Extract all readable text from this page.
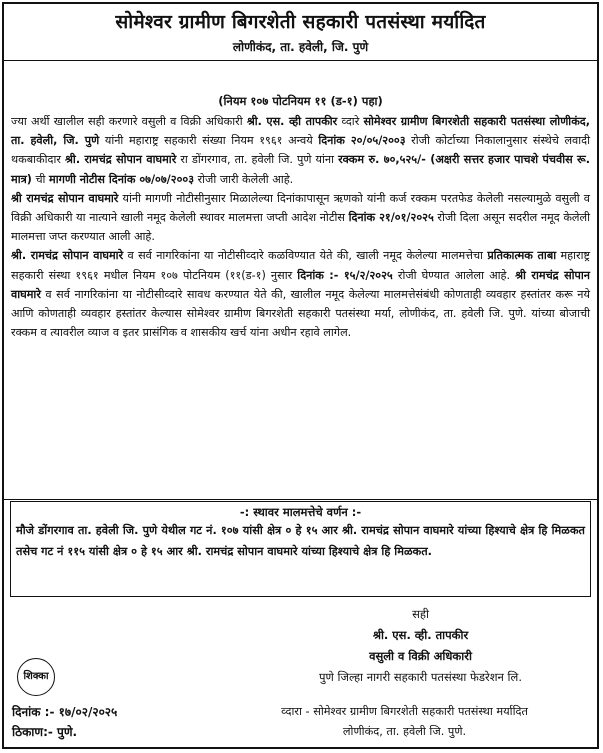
सोमेश्वर ग्रामीण बिगरशेती सहकारी पतसंस्था मर्यादित
लोणीकंद, ता. हवेली, जि. पुणे
(नियम १०७ पोटनियम ११ (ड-१) पहा)

ज्या अर्थी खालील सही करणारे वसुली व विक्री अधिकारी श्री. एस. व्ही तापकीर व्दारे सोमेश्वर ग्रामीण बिगरशेती सहकारी पतसंस्था लोणीकंद, ता. हवेली, जि. पुणे यांनी महाराष्ट्र सहकारी संख्या नियम १९६१ अन्वये दिनांक २०/०५/२००३ रोजी कोर्टाच्या निकालानुसार संस्थेचे लवादी थकबाकीदार श्री. रामचंद्र सोपान वाघमारे रा डोंगरगाव, ता. हवेली जि. पुणे यांना रक्कम रु. ७०,५२५/- (अक्षरी सत्तर हजार पाचशे पंचवीस रू. मात्र) ची मागणी नोटीस दिनांक ०७/०७/२००३ रोजी जारी केलेली आहे.

श्री रामचंद्र सोपान वाघमारे यांनी मागणी नोटीसीनुसार मिळालेल्या दिनांकापासून ऋणको यांनी कर्ज रक्कम परतफेड केलेली नसल्यामुळे वसुली व विक्री अधिकारी या नात्याने खाली नमूद केलेली स्थावर मालमत्ता जप्ती आदेश नोटीस दिनांक २१/०१/२०२५ रोजी दिला असून सदरील नमूद केलेली मालमत्ता जप्त करण्यात आली आहे.

श्री. रामचंद्र सोपान वाघमारे व सर्व नागरिकांना या नोटीसीव्दारे कळविण्यात येते की, खाली नमूद केलेल्या मालमत्तेचा प्रतिकात्मक ताबा महाराष्ट्र सहकारी संस्था १९६१ मधील नियम १०७ पोटनियम (११(ड-१) नुसार दिनांक :- १५/२/२०२५ रोजी घेण्यात आलेला आहे. श्री रामचंद्र सोपान वाघमारे व सर्व नागरिकांना या नोटीसीव्दारे सावध करण्यात येते की, खालील नमूद केलेल्या मालमत्तेसंबंधी कोणताही व्यवहार हस्तांतर करू नये आणि कोणताही व्यवहार हस्तांतर केल्यास सोमेश्वर ग्रामीण बिगरशेती सहकारी पतसंस्था मर्या, लोणीकंद, ता. हवेली जि. पुणे. यांच्या बोजाची रक्कम व त्यावरील व्याज व इतर प्रासंगिक व शासकीय खर्च यांना अधीन रहावे लागेल.

-: स्थावर मालमत्तेचे वर्णन :-
मौजे डोंगरगाव ता. हवेली जि. पुणे येथील गट नं. १०७ यांसी क्षेत्र ० हे १५ आर श्री. रामचंद्र सोपान वाघमारे यांच्या हिश्याचे क्षेत्र हि मिळकत तसेच गट नं ११५ यांसी क्षेत्र ० हे १५ आर श्री. रामचंद्र सोपान वाघमारे यांच्या हिश्याचे क्षेत्र हि मिळकत.
सही
श्री. एस. व्ही. तापकीर
वसुली व विक्री अधिकारी
पुणे जिल्हा नागरी सहकारी पतसंस्था फेडरेशन लि.
शिक्का
दिनांक :- १७/०२/२०२५
ठिकाण:- पुणे.
व्दारा - सोमेश्वर ग्रामीण बिगरशेती सहकारी पतसंस्था मर्यादित
लोणीकंद, ता. हवेली जि. पुणे.
